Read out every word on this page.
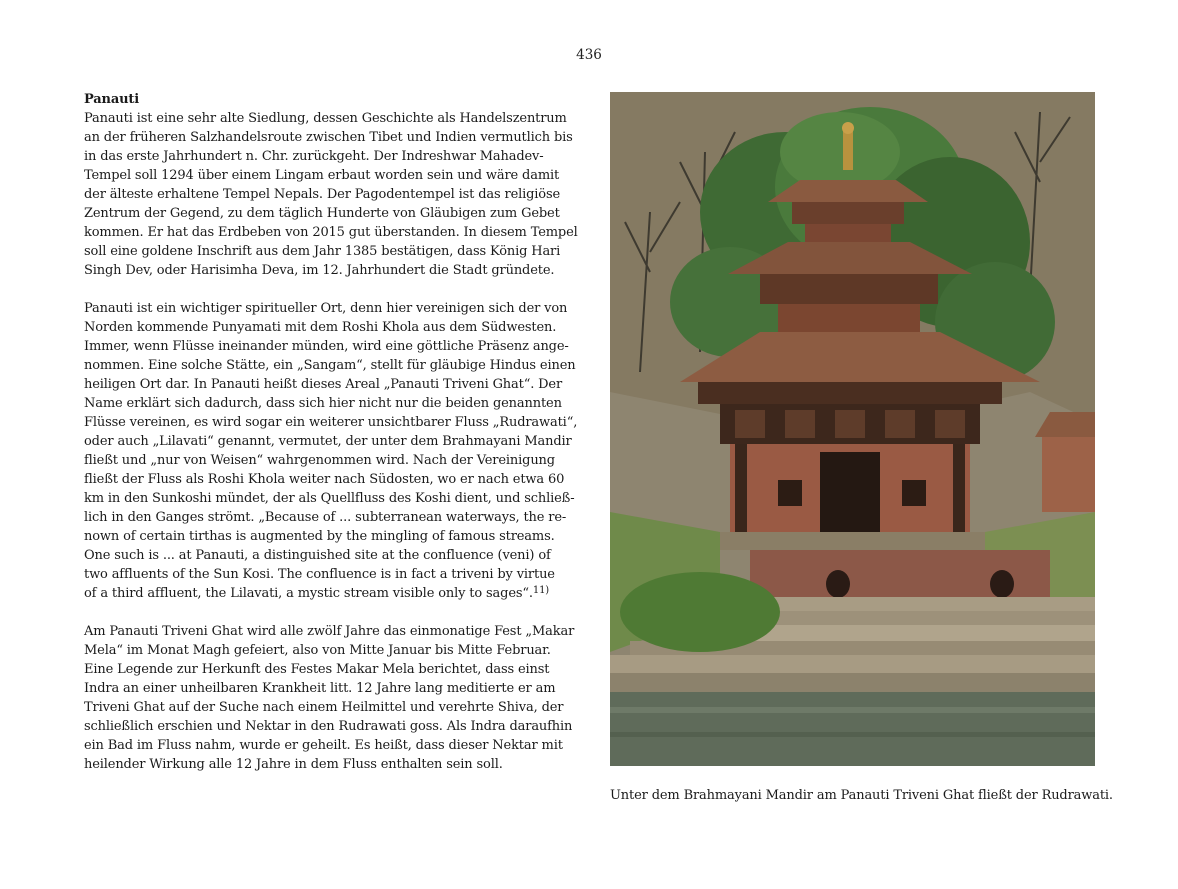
436

Panauti

Panauti ist eine sehr alte Siedlung, dessen Geschichte als Handelszentrum
an der früheren Salzhandelsroute zwischen Tibet und Indien vermutlich bis
in das erste Jahrhundert n. Chr. zurückgeht. Der Indreshwar Mahadev-
Tempel soll 1294 über einem Lingam erbaut worden sein und wäre damit
der älteste erhaltene Tempel Nepals. Der Pagodentempel ist das religiöse
Zentrum der Gegend, zu dem täglich Hunderte von Gläubigen zum Gebet
kommen. Er hat das Erdbeben von 2015 gut überstanden. In diesem Tempel
soll eine goldene Inschrift aus dem Jahr 1385 bestätigen, dass König Hari
Singh Dev, oder Harisimha Deva, im 12. Jahrhundert die Stadt gründete.

Panauti ist ein wichtiger spiritueller Ort, denn hier vereinigen sich der von
Norden kommende Punyamati mit dem Roshi Khola aus dem Südwesten.
Immer, wenn Flüsse ineinander münden, wird eine göttliche Präsenz ange-
nommen. Eine solche Stätte, ein „Sangam“, stellt für gläubige Hindus einen
heiligen Ort dar. In Panauti heißt dieses Areal „Panauti Triveni Ghat“. Der
Name erklärt sich dadurch, dass sich hier nicht nur die beiden genannten
Flüsse vereinen, es wird sogar ein weiterer unsichtbarer Fluss „Rudrawati“,
oder auch „Lilavati“ genannt, vermutet, der unter dem Brahmayani Mandir
fließt und „nur von Weisen“ wahrgenommen wird. Nach der Vereinigung
fließt der Fluss als Roshi Khola weiter nach Südosten, wo er nach etwa 60
km in den Sunkoshi mündet, der als Quellfluss des Koshi dient, und schließ-
lich in den Ganges strömt. „Because of ... subterranean waterways, the re-
nown of certain tirthas is augmented by the mingling of famous streams.
One such is ... at Panauti, a distinguished site at the confluence (veni) of
two affluents of the Sun Kosi. The confluence is in fact a triveni by virtue
of a third affluent, the Lilavati, a mystic stream visible only to sages“.$^{11)}$

Am Panauti Triveni Ghat wird alle zwölf Jahre das einmonatige Fest „Makar
Mela“ im Monat Magh gefeiert, also von Mitte Januar bis Mitte Februar.
Eine Legende zur Herkunft des Festes Makar Mela berichtet, dass einst
Indra an einer unheilbaren Krankheit litt. 12 Jahre lang meditierte er am
Triveni Ghat auf der Suche nach einem Heilmittel und verehrte Shiva, der
schließlich erschien und Nektar in den Rudrawati goss. Als Indra daraufhin
ein Bad im Fluss nahm, wurde er geheilt. Es heißt, dass dieser Nektar mit
heilender Wirkung alle 12 Jahre in dem Fluss enthalten sein soll.

Unter dem Brahmayani Mandir am Panauti Triveni Ghat fließt der Rudrawati.
